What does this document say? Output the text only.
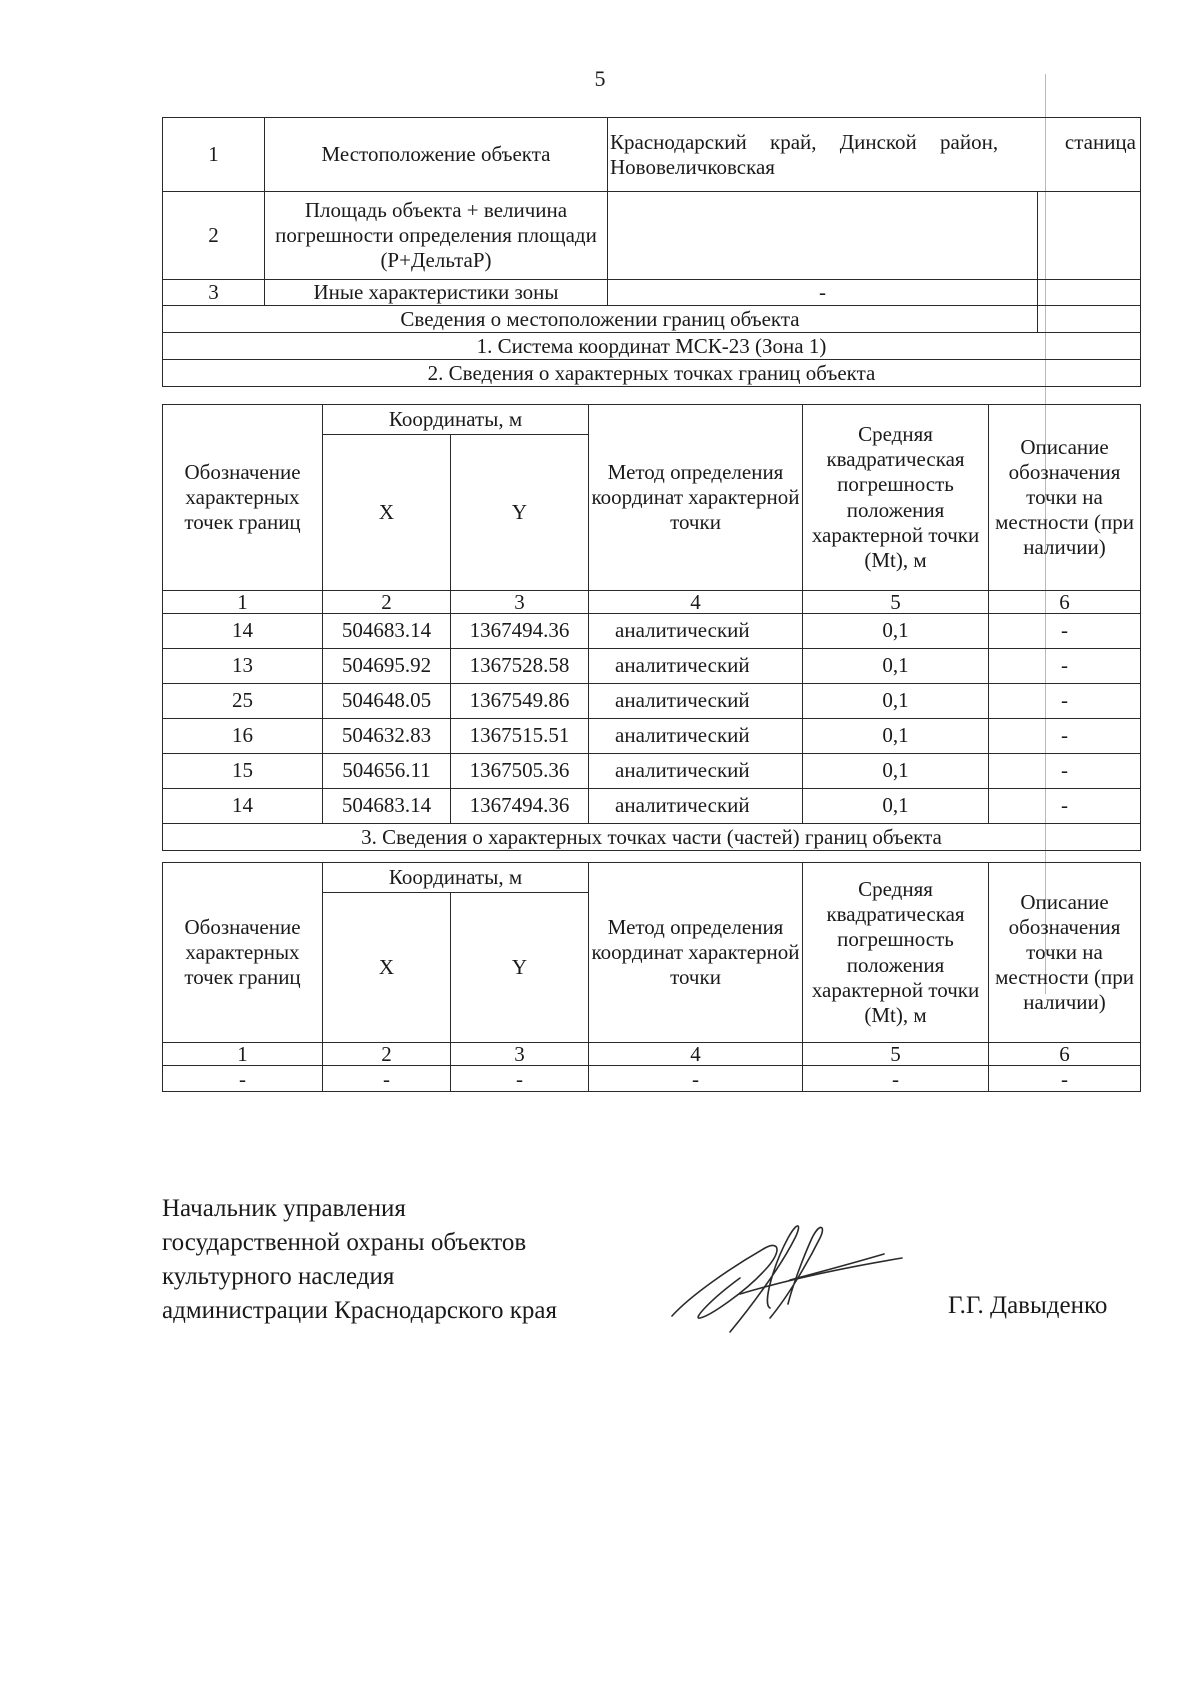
5
1	Местоположение объекта	Краснодарский край, Динской район, станица
Нововеличковская	

2	Площадь объекта + величина погрешности определения площади (Р+ДельтаР)		
3	Иные характеристики зоны	-	
Сведения о местоположении границ объекта			
1. Система координат МСК-23 (Зона 1)			
2. Сведения о характерных точках границ объекта			
Обозначение характерных точек границ	Координаты, м		Метод определения координат характерной точки	Средняя квадратическая погрешность положения характерной точки (Mt), м	Описание обозначения точки на местности (при наличии)
	X	Y			
1	2	3	4	5	6
14	504683.14	1367494.36	аналитический	0,1	-
13	504695.92	1367528.58	аналитический	0,1	-
25	504648.05	1367549.86	аналитический	0,1	-
16	504632.83	1367515.51	аналитический	0,1	-
15	504656.11	1367505.36	аналитический	0,1	-
14	504683.14	1367494.36	аналитический	0,1	-
3. Сведения о характерных точках части (частей) границ объекта					
Обозначение характерных точек границ	Координаты, м		Метод определения координат характерной точки	Средняя квадратическая погрешность положения характерной точки (Mt), м	Описание обозначения точки на местности (при наличии)
	X	Y			
1	2	3	4	5	6
-	-	-	-	-	-
Начальник управления
государственной охраны объектов
культурного наследия
администрации Краснодарского края	Г.Г. Давыденко
